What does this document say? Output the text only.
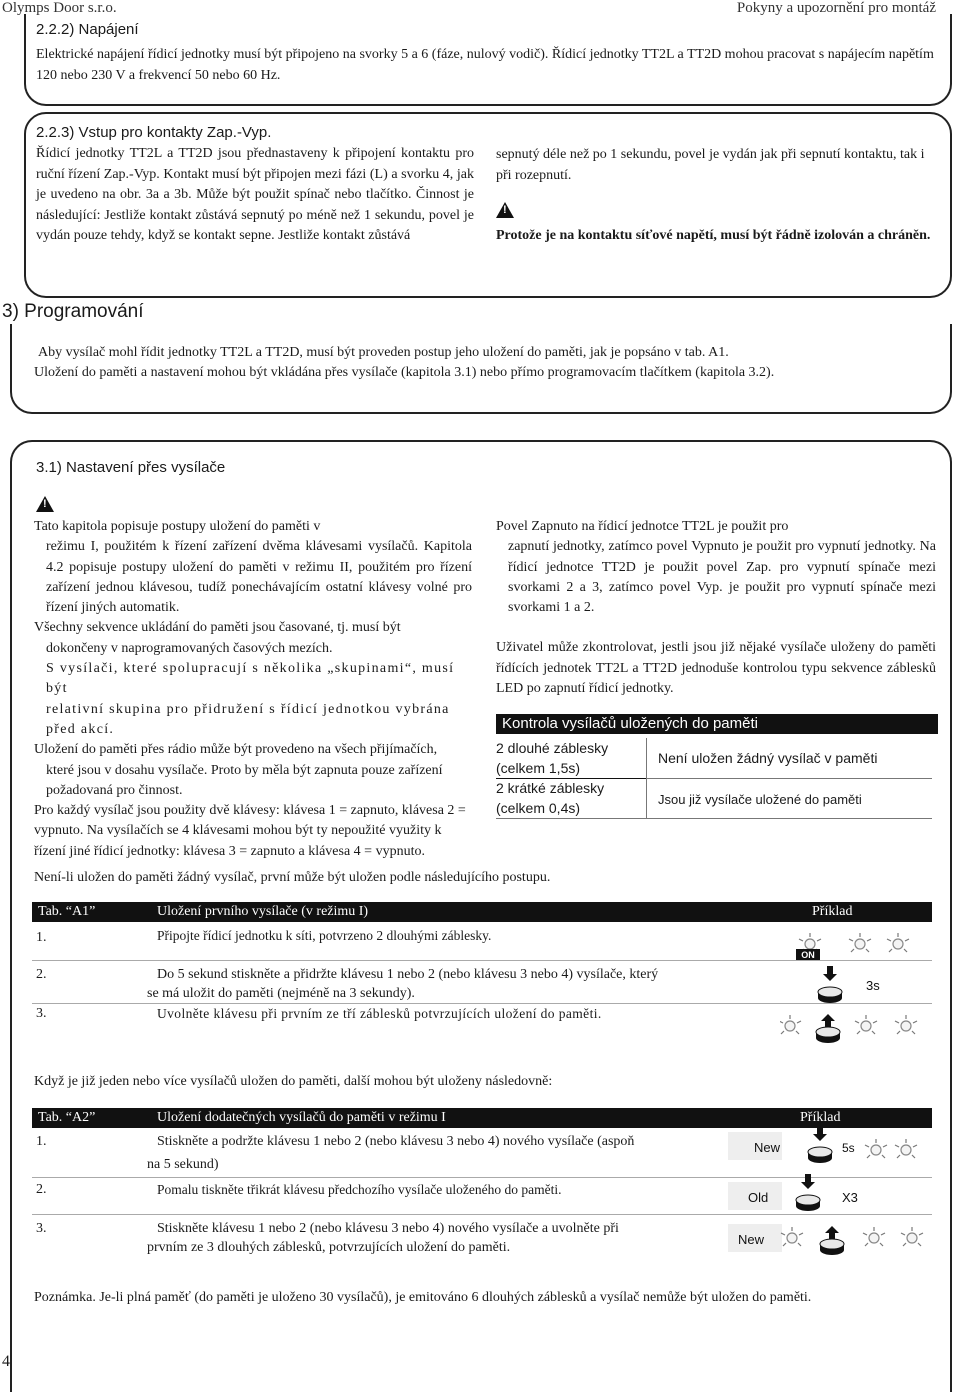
Olymps Door s.r.o.	Pokyny a upozornění pro montáž
2.2.2) Napájení
Elektrické napájení řídicí jednotky musí být připojeno na svorky 5 a 6 (fáze, nulový vodič). Řídicí jednotky TT2L a TT2D mohou pracovat s napájecím napětím 120 nebo 230 V a frekvencí 50 nebo 60 Hz.
2.2.3) Vstup pro kontakty Zap.-Vyp.
Řídicí jednotky TT2L a TT2D jsou přednastaveny k připojení kontaktu pro ruční řízení Zap.-Vyp. Kontakt musí být připojen mezi fázi (L) a svorku 4, jak je uvedeno na obr. 3a a 3b. Může být použit spínač nebo tlačítko. Činnost je následující: Jestliže kontakt zůstává sepnutý po méně než 1 sekundu, povel je vydán pouze tehdy, když se kontakt sepne. Jestliže kontakt zůstává
sepnutý déle než po 1 sekundu, povel je vydán jak při sepnutí kontaktu, tak i při rozepnutí.
!
Protože je na kontaktu síťové napětí, musí být řádně izolován a chráněn.
3) Programování
Aby vysílač mohl řídit jednotky TT2L a TT2D, musí být proveden postup jeho uložení do paměti, jak je popsáno v tab. A1.
Uložení do paměti a nastavení mohou být vkládána přes vysílače (kapitola 3.1) nebo přímo programovacím tlačítkem (kapitola 3.2).
3.1) Nastavení přes vysílače
!
Tato kapitola popisuje postupy uložení do paměti v
režimu I, použitém k řízení zařízení dvěma klávesami vysílačů. Kapitola 4.2 popisuje postupy uložení do paměti v režimu II, použitém pro řízení zařízení jednou klávesou, tudíž ponechávajícím ostatní klávesy volné pro řízení jiných automatik.
Všechny sekvence ukládání do paměti jsou časované, tj. musí být
dokončeny v naprogramovaných časových mezích.
S vysílači, které spolupracují s několika „skupinami“, musí být
relativní skupina pro přidružení s řídicí jednotkou vybrána před akcí.
Uložení do paměti přes rádio může být provedeno na všech přijímačích,
které jsou v dosahu vysílače. Proto by měla být zapnuta pouze zařízení požadovaná pro činnost.
Pro každý vysílač jsou použity dvě klávesy: klávesa 1 = zapnuto, klávesa 2 = vypnuto. Na vysílačích se 4 klávesami mohou být ty nepoužité využity k řízení jiné řídicí jednotky: klávesa 3 = zapnuto a klávesa 4 = vypnuto.
Povel Zapnuto na řídicí jednotce TT2L je použit pro
zapnutí jednotky, zatímco povel Vypnuto je použit pro vypnutí jednotky. Na řídicí jednotce TT2D je použit povel Zap. pro vypnutí spínače mezi svorkami 2 a 3, zatímco povel Vyp. je použit pro vypnutí spínače mezi svorkami 1 a 2.
Uživatel může zkontrolovat, jestli jsou již nějaké vysílače uloženy do paměti řídících jednotek TT2L a TT2D jednoduše kontrolou typu sekvence záblesků LED po zapnutí řídicí jednotky.
Kontrola vysílačů uložených do paměti
2 dlouhé záblesky
(celkem 1,5s)
Není uložen žádný vysílač v paměti
2 krátké záblesky
(celkem 0,4s)
Jsou již vysílače uložené do paměti
Není-li uložen do paměti žádný vysílač, první může být uložen podle následujícího postupu.
Tab. “A1”	Uložení prvního vysílače (v režimu I)	Příklad
1.	Připojte řídicí jednotku k síti, potvrzeno 2 dlouhými záblesky.
2.	Do 5 sekund stiskněte a přidržte klávesu 1 nebo 2 (nebo klávesu 3 nebo 4) vysílače, který
se má uložit do paměti (nejméně na 3 sekundy).
3.	Uvolněte klávesu při prvním ze tří záblesků potvrzujících uložení do paměti.
ON
3s
Když je již jeden nebo více vysílačů uložen do paměti, další mohou být uloženy následovně:
Tab. “A2”	Uložení dodatečných vysílačů do paměti v režimu I	Příklad
1.	Stiskněte a podržte klávesu 1 nebo 2 (nebo klávesu 3 nebo 4) nového vysílače (aspoň
na 5 sekund)
2.	Pomalu tiskněte třikrát klávesu předchozího vysílače uloženého do paměti.
3.	Stiskněte klávesu 1 nebo 2 (nebo klávesu 3 nebo 4) nového vysílače a uvolněte při
prvním ze 3 dlouhých záblesků, potvrzujících uložení do paměti.
New	5s
Old	X3
New
Poznámka. Je-li plná paměť (do paměti je uloženo 30 vysílačů), je emitováno 6 dlouhých záblesků a vysílač nemůže být uložen do paměti.
4
